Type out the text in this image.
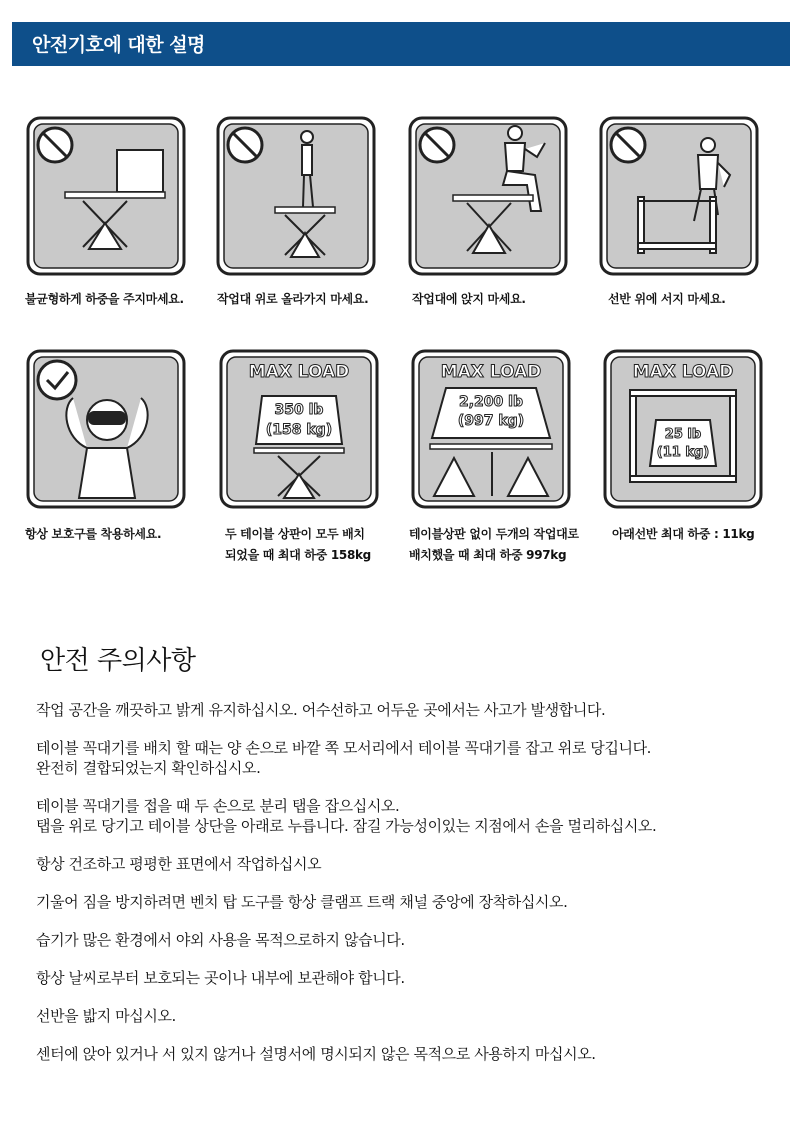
안전기호에 대한 설명
불균형하게 하중을 주지마세요.	작업대 위로 올라가지 마세요.	작업대에 앉지 마세요.	선반 위에 서지 마세요.
MAX LOAD
350 lb
(158 kg)
MAX LOAD
2,200 lb
(997 kg)
MAX LOAD
25 lb
(11 kg)
항상 보호구를 착용하세요.	두 테이블 상판이 모두 배치
되었을 때 최대 하중 158kg
테이블상판 없이 두개의 작업대로
배치했을 때 최대 하중 997kg
아래선반 최대 하중 : 11kg
안전 주의사항
작업 공간을 깨끗하고 밝게 유지하십시오. 어수선하고 어두운 곳에서는 사고가 발생합니다.
테이블 꼭대기를 배치 할 때는 양 손으로 바깥 쪽 모서리에서 테이블 꼭대기를 잡고 위로 당깁니다.
완전히 결합되었는지 확인하십시오.
테이블 꼭대기를 접을 때 두 손으로 분리 탭을 잡으십시오.
탭을 위로 당기고 테이블 상단을 아래로 누릅니다. 잠길 가능성이있는 지점에서 손을 멀리하십시오.
항상 건조하고 평평한 표면에서 작업하십시오
기울어 짐을 방지하려면 벤치 탑 도구를 항상 클램프 트랙 채널 중앙에 장착하십시오.
습기가 많은 환경에서 야외 사용을 목적으로하지 않습니다.
항상 날씨로부터 보호되는 곳이나 내부에 보관해야 합니다.
선반을 밟지 마십시오.
센터에 앉아 있거나 서 있지 않거나 설명서에 명시되지 않은 목적으로 사용하지 마십시오.
